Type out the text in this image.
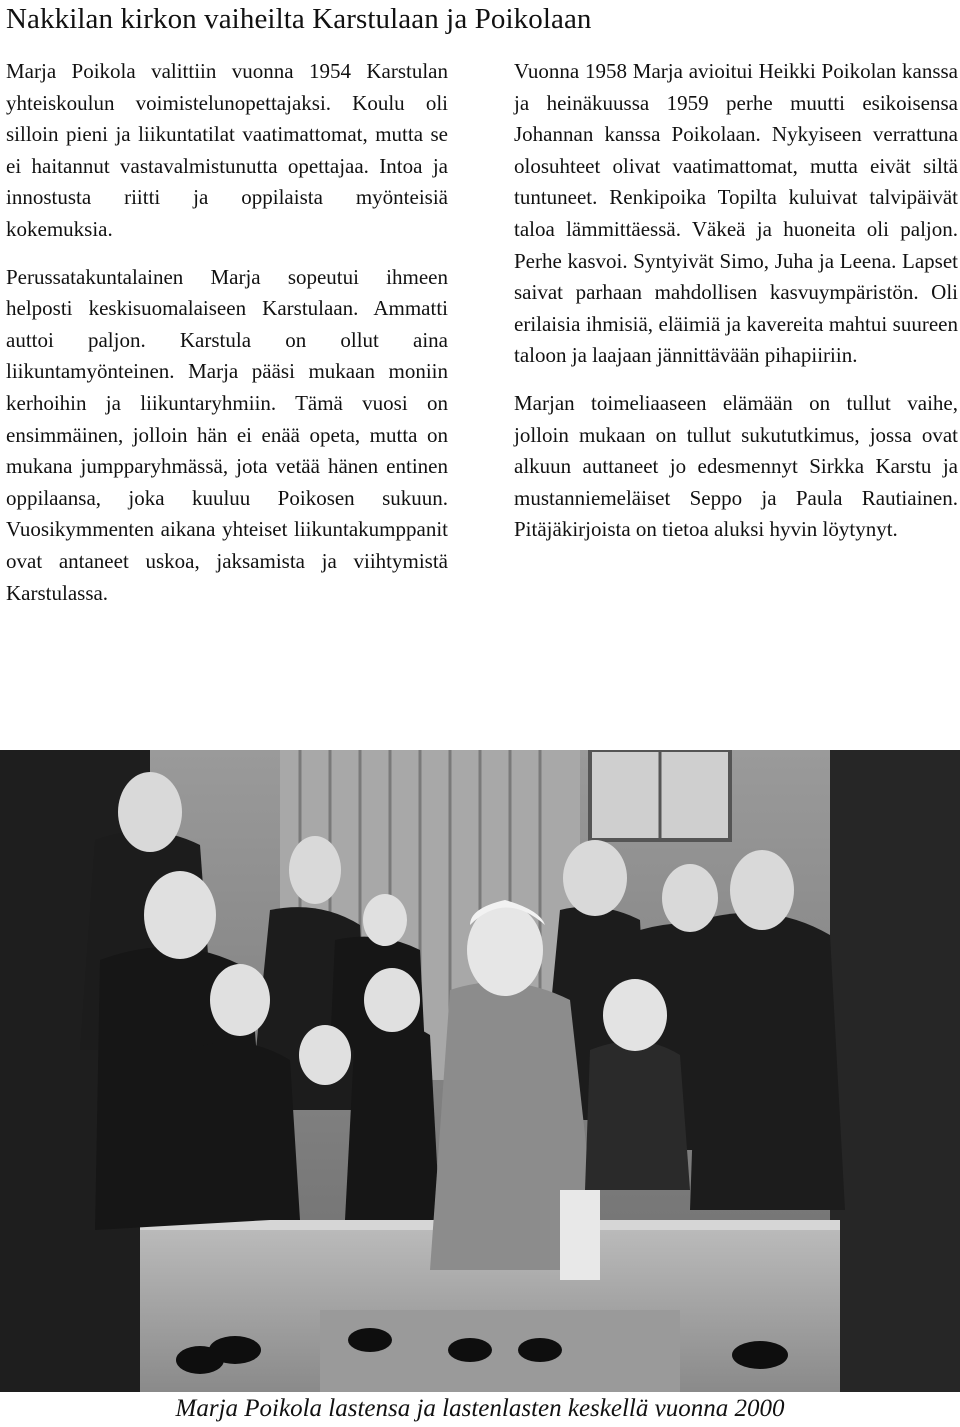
Nakkilan kirkon vaiheilta Karstulaan ja Poikolaan

Marja Poikola valittiin vuonna 1954 Karstulan yhteiskoulun voimistelunopettajaksi. Koulu oli silloin pieni ja liikuntatilat vaatimattomat, mutta se ei haitannut vastavalmistunutta opettajaa. Intoa ja innostusta riitti ja oppilaista myönteisiä kokemuksia.

Perussatakuntalainen Marja sopeutui ihmeen helposti keskisuomalaiseen Karstulaan. Ammatti auttoi paljon. Karstula on ollut aina liikuntamyönteinen. Marja pääsi mukaan moniin kerhoihin ja liikuntaryhmiin. Tämä vuosi on ensimmäinen, jolloin hän ei enää opeta, mutta on mukana jumpparyhmässä, jota vetää hänen entinen oppilaansa, joka kuuluu Poikosen sukuun. Vuosikymmenten aikana yhteiset liikuntakumppanit ovat antaneet uskoa, jaksamista ja viihtymistä Karstulassa.

Vuonna 1958 Marja avioitui Heikki Poikolan kanssa ja heinäkuussa 1959 perhe muutti esikoisensa Johannan kanssa Poikolaan. Nykyiseen verrattuna olosuhteet olivat vaatimattomat, mutta eivät siltä tuntuneet. Renkipoika Topilta kuluivat talvipäivät taloa lämmittäessä. Väkeä ja huoneita oli paljon. Perhe kasvoi. Syntyivät Simo, Juha ja Leena. Lapset saivat parhaan mahdollisen kasvuympäristön. Oli erilaisia ihmisiä, eläimiä ja kavereita mahtui suureen taloon ja laajaan jännittävään pihapiiriin.

Marjan toimeliaaseen elämään on tullut vaihe, jolloin mukaan on tullut sukututkimus, jossa ovat alkuun auttaneet jo edesmennyt Sirkka Karstu ja mustanniemeläiset Seppo ja Paula Rautiainen. Pitäjäkirjoista on tietoa aluksi hyvin löytynyt.

Marja Poikola lastensa ja lastenlasten keskellä vuonna 2000
